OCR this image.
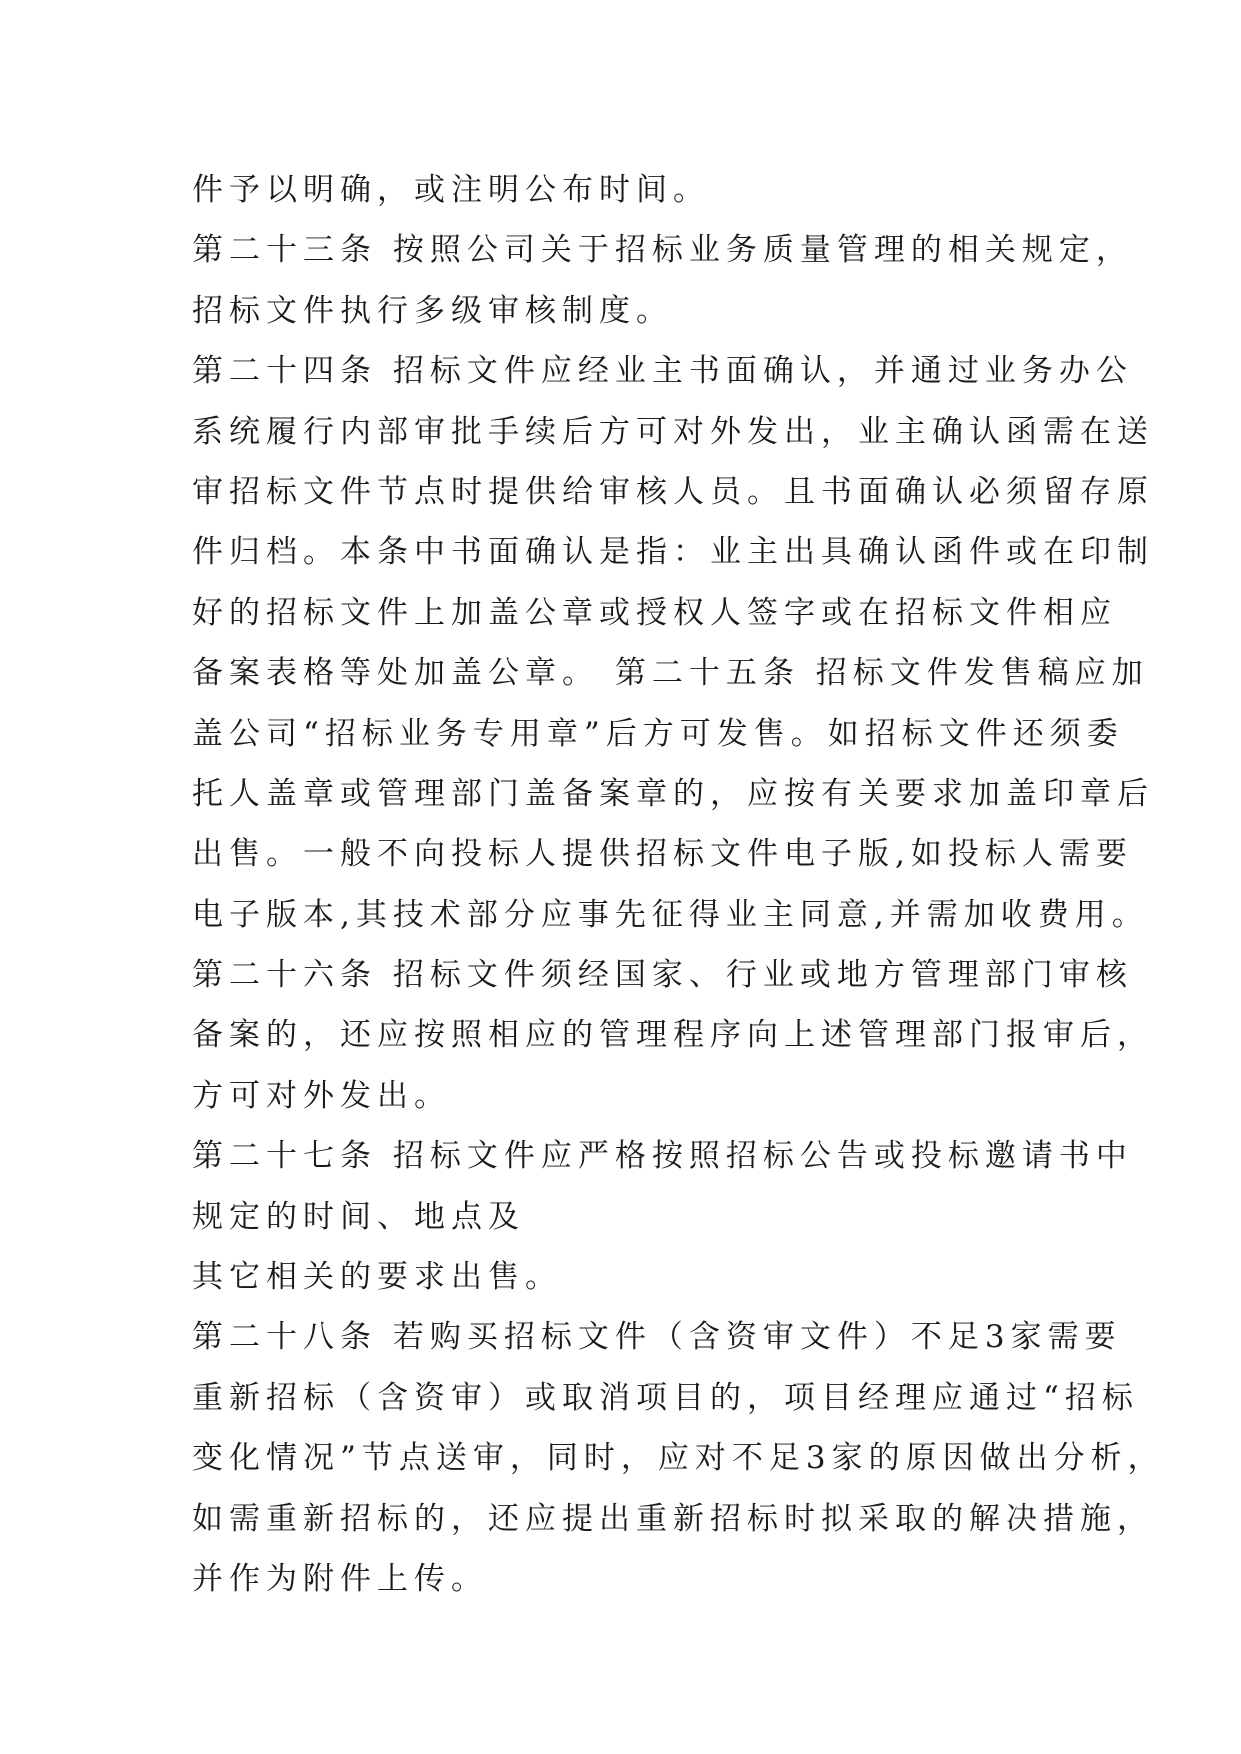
件予以明确，或注明公布时间。
第二十三条 按照公司关于招标业务质量管理的相关规定，
招标文件执行多级审核制度。
第二十四条 招标文件应经业主书面确认，并通过业务办公
系统履行内部审批手续后方可对外发出，业主确认函需在送
审招标文件节点时提供给审核人员。且书面确认必须留存原
件归档。本条中书面确认是指：业主出具确认函件或在印制
好的招标文件上加盖公章或授权人签字或在招标文件相应
备案表格等处加盖公章。 第二十五条 招标文件发售稿应加
盖公司“招标业务专用章”后方可发售。如招标文件还须委
托人盖章或管理部门盖备案章的，应按有关要求加盖印章后
出售。一般不向投标人提供招标文件电子版,如投标人需要
电子版本,其技术部分应事先征得业主同意,并需加收费用。
第二十六条 招标文件须经国家、行业或地方管理部门审核
备案的，还应按照相应的管理程序向上述管理部门报审后，
方可对外发出。
第二十七条 招标文件应严格按照招标公告或投标邀请书中
规定的时间、地点及
其它相关的要求出售。
第二十八条 若购买招标文件（含资审文件）不足3家需要
重新招标（含资审）或取消项目的，项目经理应通过“招标
变化情况”节点送审，同时，应对不足3家的原因做出分析，
如需重新招标的，还应提出重新招标时拟采取的解决措施，
并作为附件上传。
